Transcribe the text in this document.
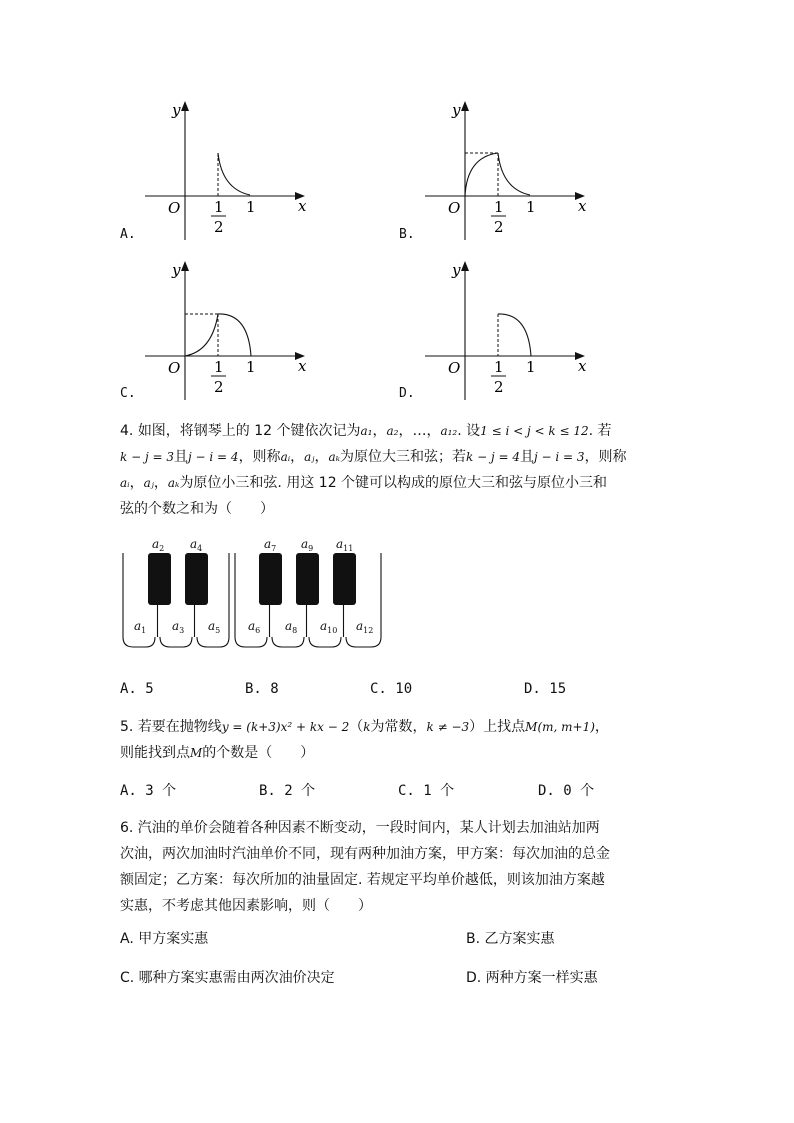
y
x
O 1
2
1
A.
y
x
O 1
2
1
B.
y
x
O 1
2
1
C.
y
x
O 1
2
1
D.
4. 如图，将钢琴上的 12 个键依次记为a₁，a₂，…，a₁₂. 设1 ≤ i < j < k ≤ 12. 若
k − j = 3且j − i = 4，则称aᵢ，aⱼ，aₖ为原位大三和弦；若k − j = 4且j − i = 3，则称
aᵢ，aⱼ，aₖ为原位小三和弦. 用这 12 个键可以构成的原位大三和弦与原位小三和
弦的个数之和为（　　）
$a_2$ $a_4$	$a_7$ $a_9$ $a_{11}$
$a_1$ $a_3$ $a_5$ $a_6$ $a_8$ $a_{10}$ $a_{12}$
A. 5	B. 8	C. 10	D. 15
5. 若要在抛物线y = (k+3)x² + kx − 2（k为常数，k ≠ −3）上找点M(m, m+1)，
则能找到点M的个数是（　　）
A. 3 个	B. 2 个	C. 1 个	D. 0 个
6. 汽油的单价会随着各种因素不断变动，一段时间内，某人计划去加油站加两
次油，两次加油时汽油单价不同，现有两种加油方案，甲方案：每次加油的总金
额固定；乙方案：每次所加的油量固定. 若规定平均单价越低，则该加油方案越
实惠，不考虑其他因素影响，则（　　）
A. 甲方案实惠	B. 乙方案实惠
C. 哪种方案实惠需由两次油价决定	D. 两种方案一样实惠
